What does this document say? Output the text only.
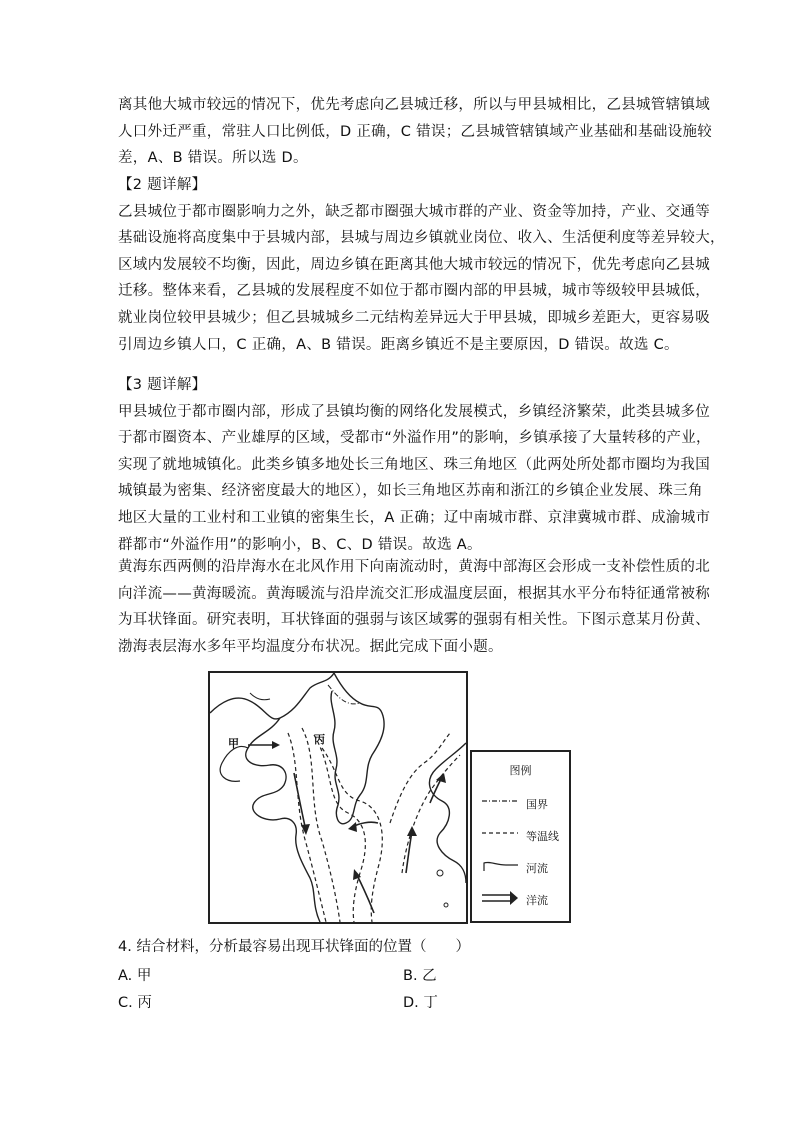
离其他大城市较远的情况下，优先考虑向乙县城迁移，所以与甲县城相比，乙县城管辖镇域
人口外迁严重，常驻人口比例低，D 正确，C 错误；乙县城管辖镇域产业基础和基础设施较
差，A、B 错误。所以选 D。
【2 题详解】
乙县城位于都市圈影响力之外，缺乏都市圈强大城市群的产业、资金等加持，产业、交通等
基础设施将高度集中于县城内部，县城与周边乡镇就业岗位、收入、生活便利度等差异较大，
区域内发展较不均衡，因此，周边乡镇在距离其他大城市较远的情况下，优先考虑向乙县城
迁移。整体来看，乙县城的发展程度不如位于都市圈内部的甲县城，城市等级较甲县城低，
就业岗位较甲县城少；但乙县城城乡二元结构差异远大于甲县城，即城乡差距大，更容易吸
引周边乡镇人口，C 正确，A、B 错误。距离乡镇近不是主要原因，D 错误。故选 C。
【3 题详解】
甲县城位于都市圈内部，形成了县镇均衡的网络化发展模式，乡镇经济繁荣，此类县城多位
于都市圈资本、产业雄厚的区域，受都市“外溢作用”的影响，乡镇承接了大量转移的产业，
实现了就地城镇化。此类乡镇多地处长三角地区、珠三角地区（此两处所处都市圈均为我国
城镇最为密集、经济密度最大的地区），如长三角地区苏南和浙江的乡镇企业发展、珠三角
地区大量的工业村和工业镇的密集生长，A 正确；辽中南城市群、京津冀城市群、成渝城市
群都市“外溢作用”的影响小，B、C、D 错误。故选 A。
黄海东西两侧的沿岸海水在北风作用下向南流动时，黄海中部海区会形成一支补偿性质的北
向洋流——黄海暖流。黄海暖流与沿岸流交汇形成温度层面，根据其水平分布特征通常被称
为耳状锋面。研究表明，耳状锋面的强弱与该区域雾的强弱有相关性。下图示意某月份黄、
渤海表层海水多年平均温度分布状况。据此完成下面小题。
甲	丙
图例
国界
等温线
河流
洋流
4. 结合材料，分析最容易出现耳状锋面的位置（　　）
A. 甲	B. 乙
C. 丙	D. 丁
